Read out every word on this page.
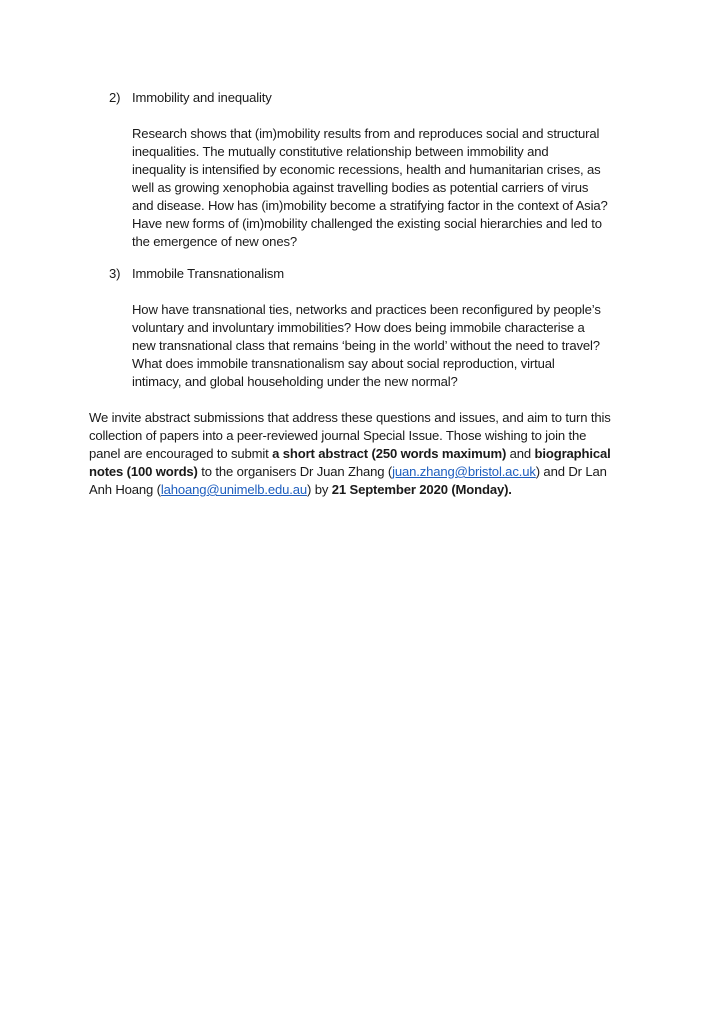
2) Immobility and inequality
Research shows that (im)mobility results from and reproduces social and structural
inequalities. The mutually constitutive relationship between immobility and
inequality is intensified by economic recessions, health and humanitarian crises, as
well as growing xenophobia against travelling bodies as potential carriers of virus
and disease. How has (im)mobility become a stratifying factor in the context of Asia?
Have new forms of (im)mobility challenged the existing social hierarchies and led to
the emergence of new ones?
3) Immobile Transnationalism
How have transnational ties, networks and practices been reconfigured by people’s
voluntary and involuntary immobilities? How does being immobile characterise a
new transnational class that remains ‘being in the world’ without the need to travel?
What does immobile transnationalism say about social reproduction, virtual
intimacy, and global householding under the new normal?
We invite abstract submissions that address these questions and issues, and aim to turn this
collection of papers into a peer-reviewed journal Special Issue. Those wishing to join the
panel are encouraged to submit a short abstract (250 words maximum) and biographical
notes (100 words) to the organisers Dr Juan Zhang (juan.zhang@bristol.ac.uk) and Dr Lan
Anh Hoang (lahoang@unimelb.edu.au) by 21 September 2020 (Monday).
